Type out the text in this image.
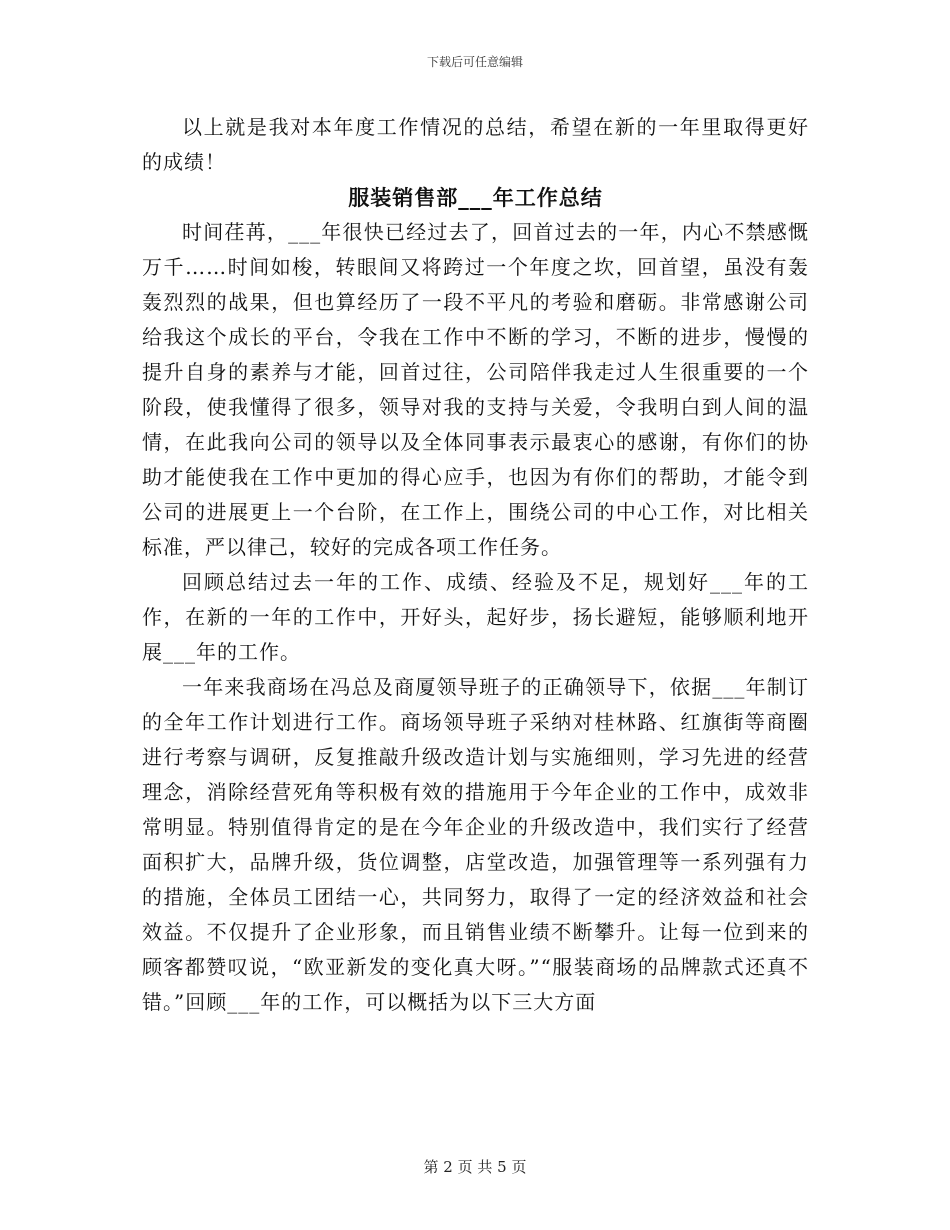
下载后可任意编辑

以上就是我对本年度工作情况的总结，希望在新的一年里取得更好的成绩！

服装销售部___年工作总结

时间荏苒，___年很快已经过去了，回首过去的一年，内心不禁感慨万千……时间如梭，转眼间又将跨过一个年度之坎，回首望，虽没有轰轰烈烈的战果，但也算经历了一段不平凡的考验和磨砺。非常感谢公司给我这个成长的平台，令我在工作中不断的学习，不断的进步，慢慢的提升自身的素养与才能，回首过往，公司陪伴我走过人生很重要的一个阶段，使我懂得了很多，领导对我的支持与关爱，令我明白到人间的温情，在此我向公司的领导以及全体同事表示最衷心的感谢，有你们的协助才能使我在工作中更加的得心应手，也因为有你们的帮助，才能令到公司的进展更上一个台阶，在工作上，围绕公司的中心工作，对比相关标准，严以律己，较好的完成各项工作任务。

回顾总结过去一年的工作、成绩、经验及不足，规划好___年的工作，在新的一年的工作中，开好头，起好步，扬长避短，能够顺利地开展___年的工作。

一年来我商场在冯总及商厦领导班子的正确领导下，依据___年制订的全年工作计划进行工作。商场领导班子采纳对桂林路、红旗街等商圈进行考察与调研，反复推敲升级改造计划与实施细则，学习先进的经营理念，消除经营死角等积极有效的措施用于今年企业的工作中，成效非常明显。特别值得肯定的是在今年企业的升级改造中，我们实行了经营面积扩大，品牌升级，货位调整，店堂改造，加强管理等一系列强有力的措施，全体员工团结一心，共同努力，取得了一定的经济效益和社会效益。不仅提升了企业形象，而且销售业绩不断攀升。让每一位到来的顾客都赞叹说，“欧亚新发的变化真大呀。”“服装商场的品牌款式还真不错。”回顾___年的工作，可以概括为以下三大方面

第 2 页 共 5 页
